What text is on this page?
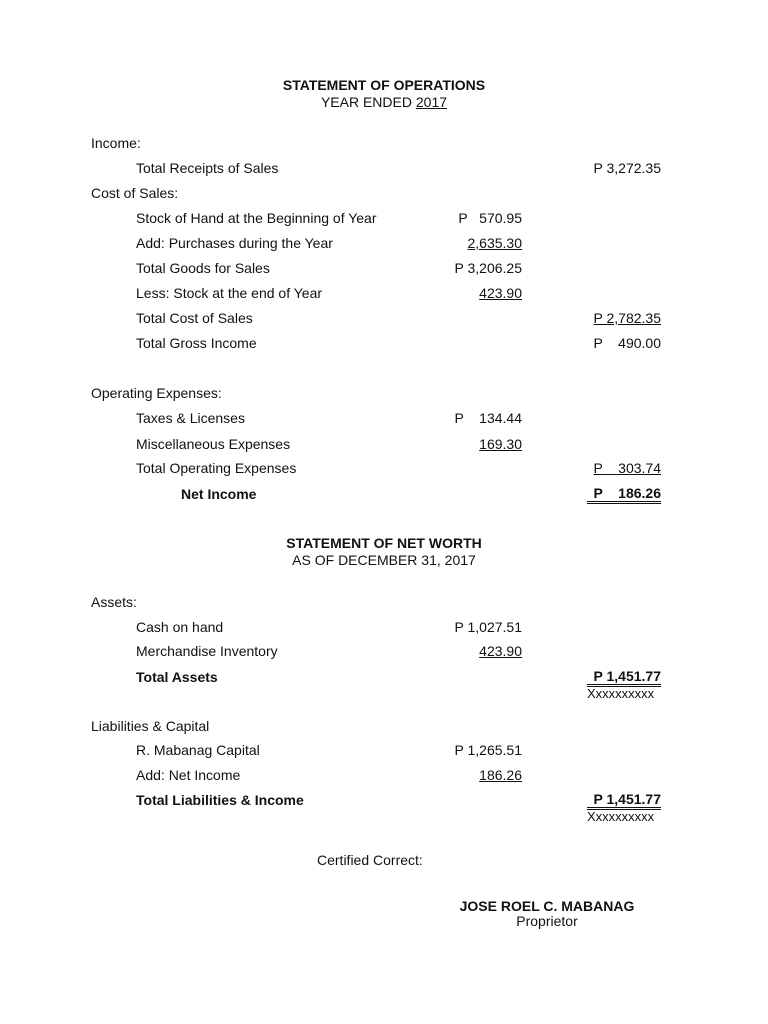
STATEMENT OF OPERATIONS
YEAR ENDED 2017
Income:
Total Receipts of Sales	P 3,272.35
Cost of Sales:
Stock of Hand at the Beginning of Year	P   570.95
Add: Purchases during the Year	2,635.30
Total Goods for Sales	P 3,206.25
Less: Stock at the end of Year	423.90
Total Cost of Sales	P 2,782.35
Total Gross Income	P    490.00
Operating Expenses:
Taxes & Licenses	P    134.44
Miscellaneous Expenses	169.30
Total Operating Expenses	P    303.74
Net Income	P    186.26
STATEMENT OF NET WORTH
AS OF DECEMBER 31, 2017
Assets:
Cash on hand	P 1,027.51
Merchandise Inventory	423.90
Total Assets	P 1,451.77
Xxxxxxxxxx
Liabilities & Capital
R. Mabanag Capital	P 1,265.51
Add: Net Income	186.26
Total Liabilities & Income	P 1,451.77
Xxxxxxxxxx
Certified Correct:
JOSE ROEL C. MABANAG
Proprietor
